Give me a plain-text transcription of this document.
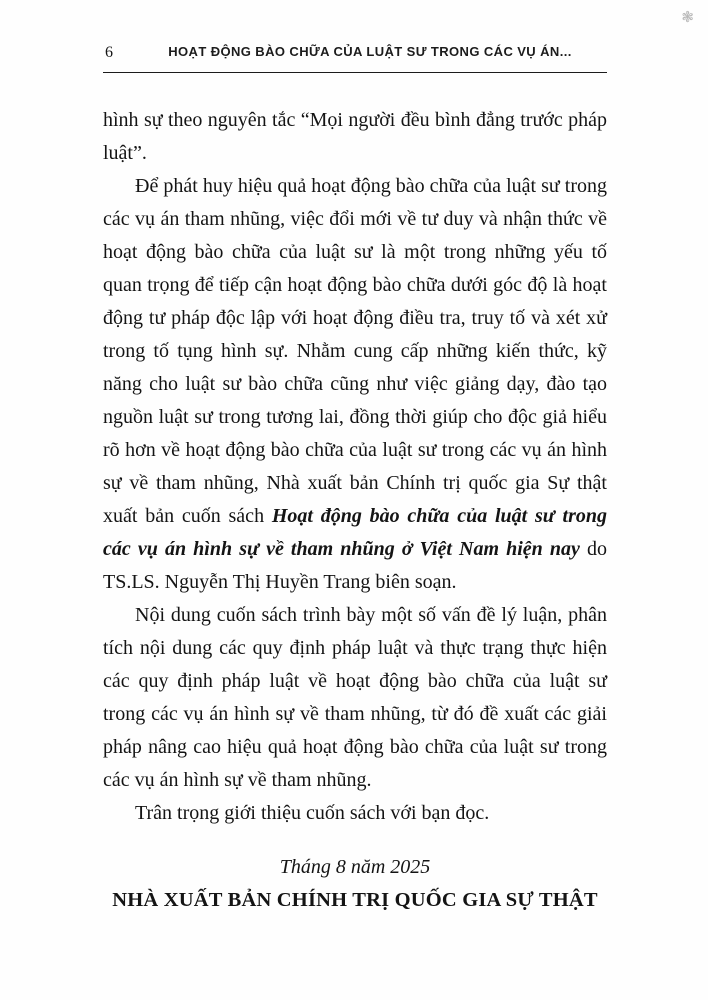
❃
6	HOẠT ĐỘNG BÀO CHỮA CỦA LUẬT SƯ TRONG CÁC VỤ ÁN...

hình sự theo nguyên tắc “Mọi người đều bình đẳng trước pháp luật”.

Để phát huy hiệu quả hoạt động bào chữa của luật sư trong các vụ án tham nhũng, việc đổi mới về tư duy và nhận thức về hoạt động bào chữa của luật sư là một trong những yếu tố quan trọng để tiếp cận hoạt động bào chữa dưới góc độ là hoạt động tư pháp độc lập với hoạt động điều tra, truy tố và xét xử trong tố tụng hình sự. Nhằm cung cấp những kiến thức, kỹ năng cho luật sư bào chữa cũng như việc giảng dạy, đào tạo nguồn luật sư trong tương lai, đồng thời giúp cho độc giả hiểu rõ hơn về hoạt động bào chữa của luật sư trong các vụ án hình sự về tham nhũng, Nhà xuất bản Chính trị quốc gia Sự thật xuất bản cuốn sách Hoạt động bào chữa của luật sư trong các vụ án hình sự về tham nhũng ở Việt Nam hiện nay do TS.LS. Nguyễn Thị Huyền Trang biên soạn.

Nội dung cuốn sách trình bày một số vấn đề lý luận, phân tích nội dung các quy định pháp luật và thực trạng thực hiện các quy định pháp luật về hoạt động bào chữa của luật sư trong các vụ án hình sự về tham nhũng, từ đó đề xuất các giải pháp nâng cao hiệu quả hoạt động bào chữa của luật sư trong các vụ án hình sự về tham nhũng.

Trân trọng giới thiệu cuốn sách với bạn đọc.

Tháng 8 năm 2025

NHÀ XUẤT BẢN CHÍNH TRỊ QUỐC GIA SỰ THẬT
